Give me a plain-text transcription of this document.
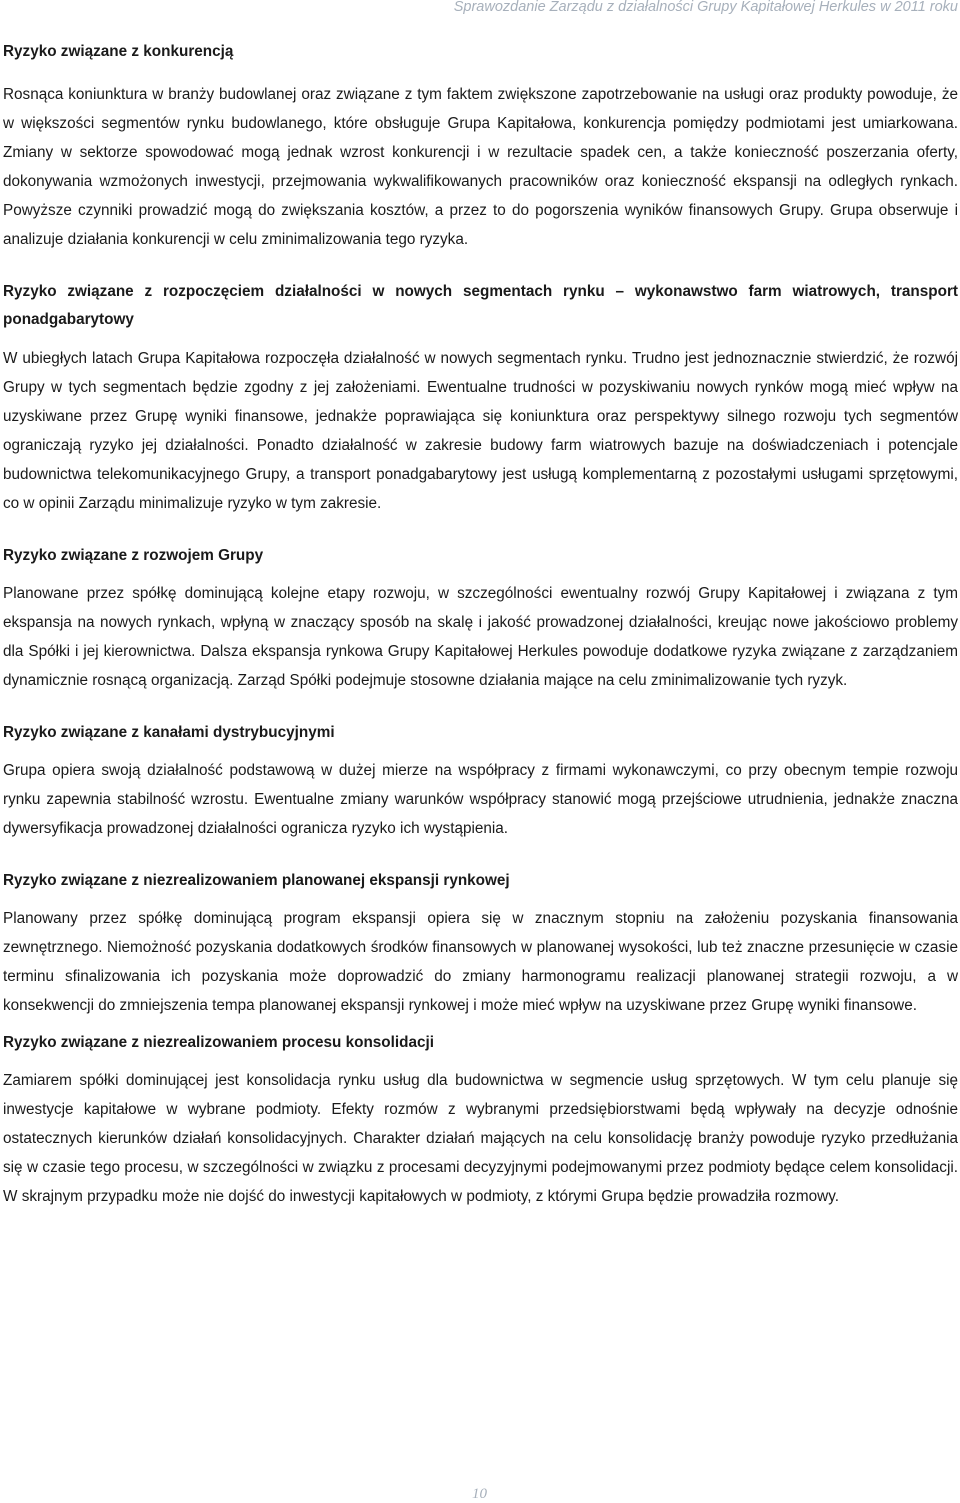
Sprawozdanie Zarządu z działalności Grupy Kapitałowej Herkules w 2011 roku
Ryzyko związane z konkurencją

Rosnąca koniunktura w branży budowlanej oraz związane z tym faktem zwiększone zapotrzebowanie na usługi oraz produkty powoduje, że w większości segmentów rynku budowlanego, które obsługuje Grupa Kapitałowa, konkurencja pomiędzy podmiotami jest umiarkowana. Zmiany w sektorze spowodować mogą jednak wzrost konkurencji i w rezultacie spadek cen, a także konieczność poszerzania oferty, dokonywania wzmożonych inwestycji, przejmowania wykwalifikowanych pracowników oraz konieczność ekspansji na odległych rynkach. Powyższe czynniki prowadzić mogą do zwiększania kosztów, a przez to do pogorszenia wyników finansowych Grupy. Grupa obserwuje i analizuje działania konkurencji w celu zminimalizowania tego ryzyka.

Ryzyko związane z rozpoczęciem działalności w nowych segmentach rynku – wykonawstwo farm wiatrowych, transport ponadgabarytowy

W ubiegłych latach Grupa Kapitałowa rozpoczęła działalność w nowych segmentach rynku. Trudno jest jednoznacznie stwierdzić, że rozwój Grupy w tych segmentach będzie zgodny z jej założeniami. Ewentualne trudności w pozyskiwaniu nowych rynków mogą mieć wpływ na uzyskiwane przez Grupę wyniki finansowe, jednakże poprawiająca się koniunktura oraz perspektywy silnego rozwoju tych segmentów ograniczają ryzyko jej działalności. Ponadto działalność w zakresie budowy farm wiatrowych bazuje na doświadczeniach i potencjale budownictwa telekomunikacyjnego Grupy, a transport ponadgabarytowy jest usługą komplementarną z pozostałymi usługami sprzętowymi, co w opinii Zarządu minimalizuje ryzyko w tym zakresie.

Ryzyko związane z rozwojem Grupy

Planowane przez spółkę dominującą kolejne etapy rozwoju, w szczególności ewentualny rozwój Grupy Kapitałowej i związana z tym ekspansja na nowych rynkach, wpłyną w znaczący sposób na skalę i jakość prowadzonej działalności, kreując nowe jakościowo problemy dla Spółki i jej kierownictwa. Dalsza ekspansja rynkowa Grupy Kapitałowej Herkules powoduje dodatkowe ryzyka związane z zarządzaniem dynamicznie rosnącą organizacją. Zarząd Spółki podejmuje stosowne działania mające na celu zminimalizowanie tych ryzyk.

Ryzyko związane z kanałami dystrybucyjnymi

Grupa opiera swoją działalność podstawową w dużej mierze na współpracy z firmami wykonawczymi, co przy obecnym tempie rozwoju rynku zapewnia stabilność wzrostu. Ewentualne zmiany warunków współpracy stanowić mogą przejściowe utrudnienia, jednakże znaczna dywersyfikacja prowadzonej działalności ogranicza ryzyko ich wystąpienia.

Ryzyko związane z niezrealizowaniem planowanej ekspansji rynkowej

Planowany przez spółkę dominującą program ekspansji opiera się w znacznym stopniu na założeniu pozyskania finansowania zewnętrznego. Niemożność pozyskania dodatkowych środków finansowych w planowanej wysokości, lub też znaczne przesunięcie w czasie terminu sfinalizowania ich pozyskania może doprowadzić do zmiany harmonogramu realizacji planowanej strategii rozwoju, a w konsekwencji do zmniejszenia tempa planowanej ekspansji rynkowej i może mieć wpływ na uzyskiwane przez Grupę wyniki finansowe.

Ryzyko związane z niezrealizowaniem procesu konsolidacji

Zamiarem spółki dominującej jest konsolidacja rynku usług dla budownictwa w segmencie usług sprzętowych. W tym celu planuje się inwestycje kapitałowe w wybrane podmioty. Efekty rozmów z wybranymi przedsiębiorstwami będą wpływały na decyzje odnośnie ostatecznych kierunków działań konsolidacyjnych. Charakter działań mających na celu konsolidację branży powoduje ryzyko przedłużania się w czasie tego procesu, w szczególności w związku z procesami decyzyjnymi podejmowanymi przez podmioty będące celem konsolidacji. W skrajnym przypadku może nie dojść do inwestycji kapitałowych w podmioty, z którymi Grupa będzie prowadziła rozmowy.

10
